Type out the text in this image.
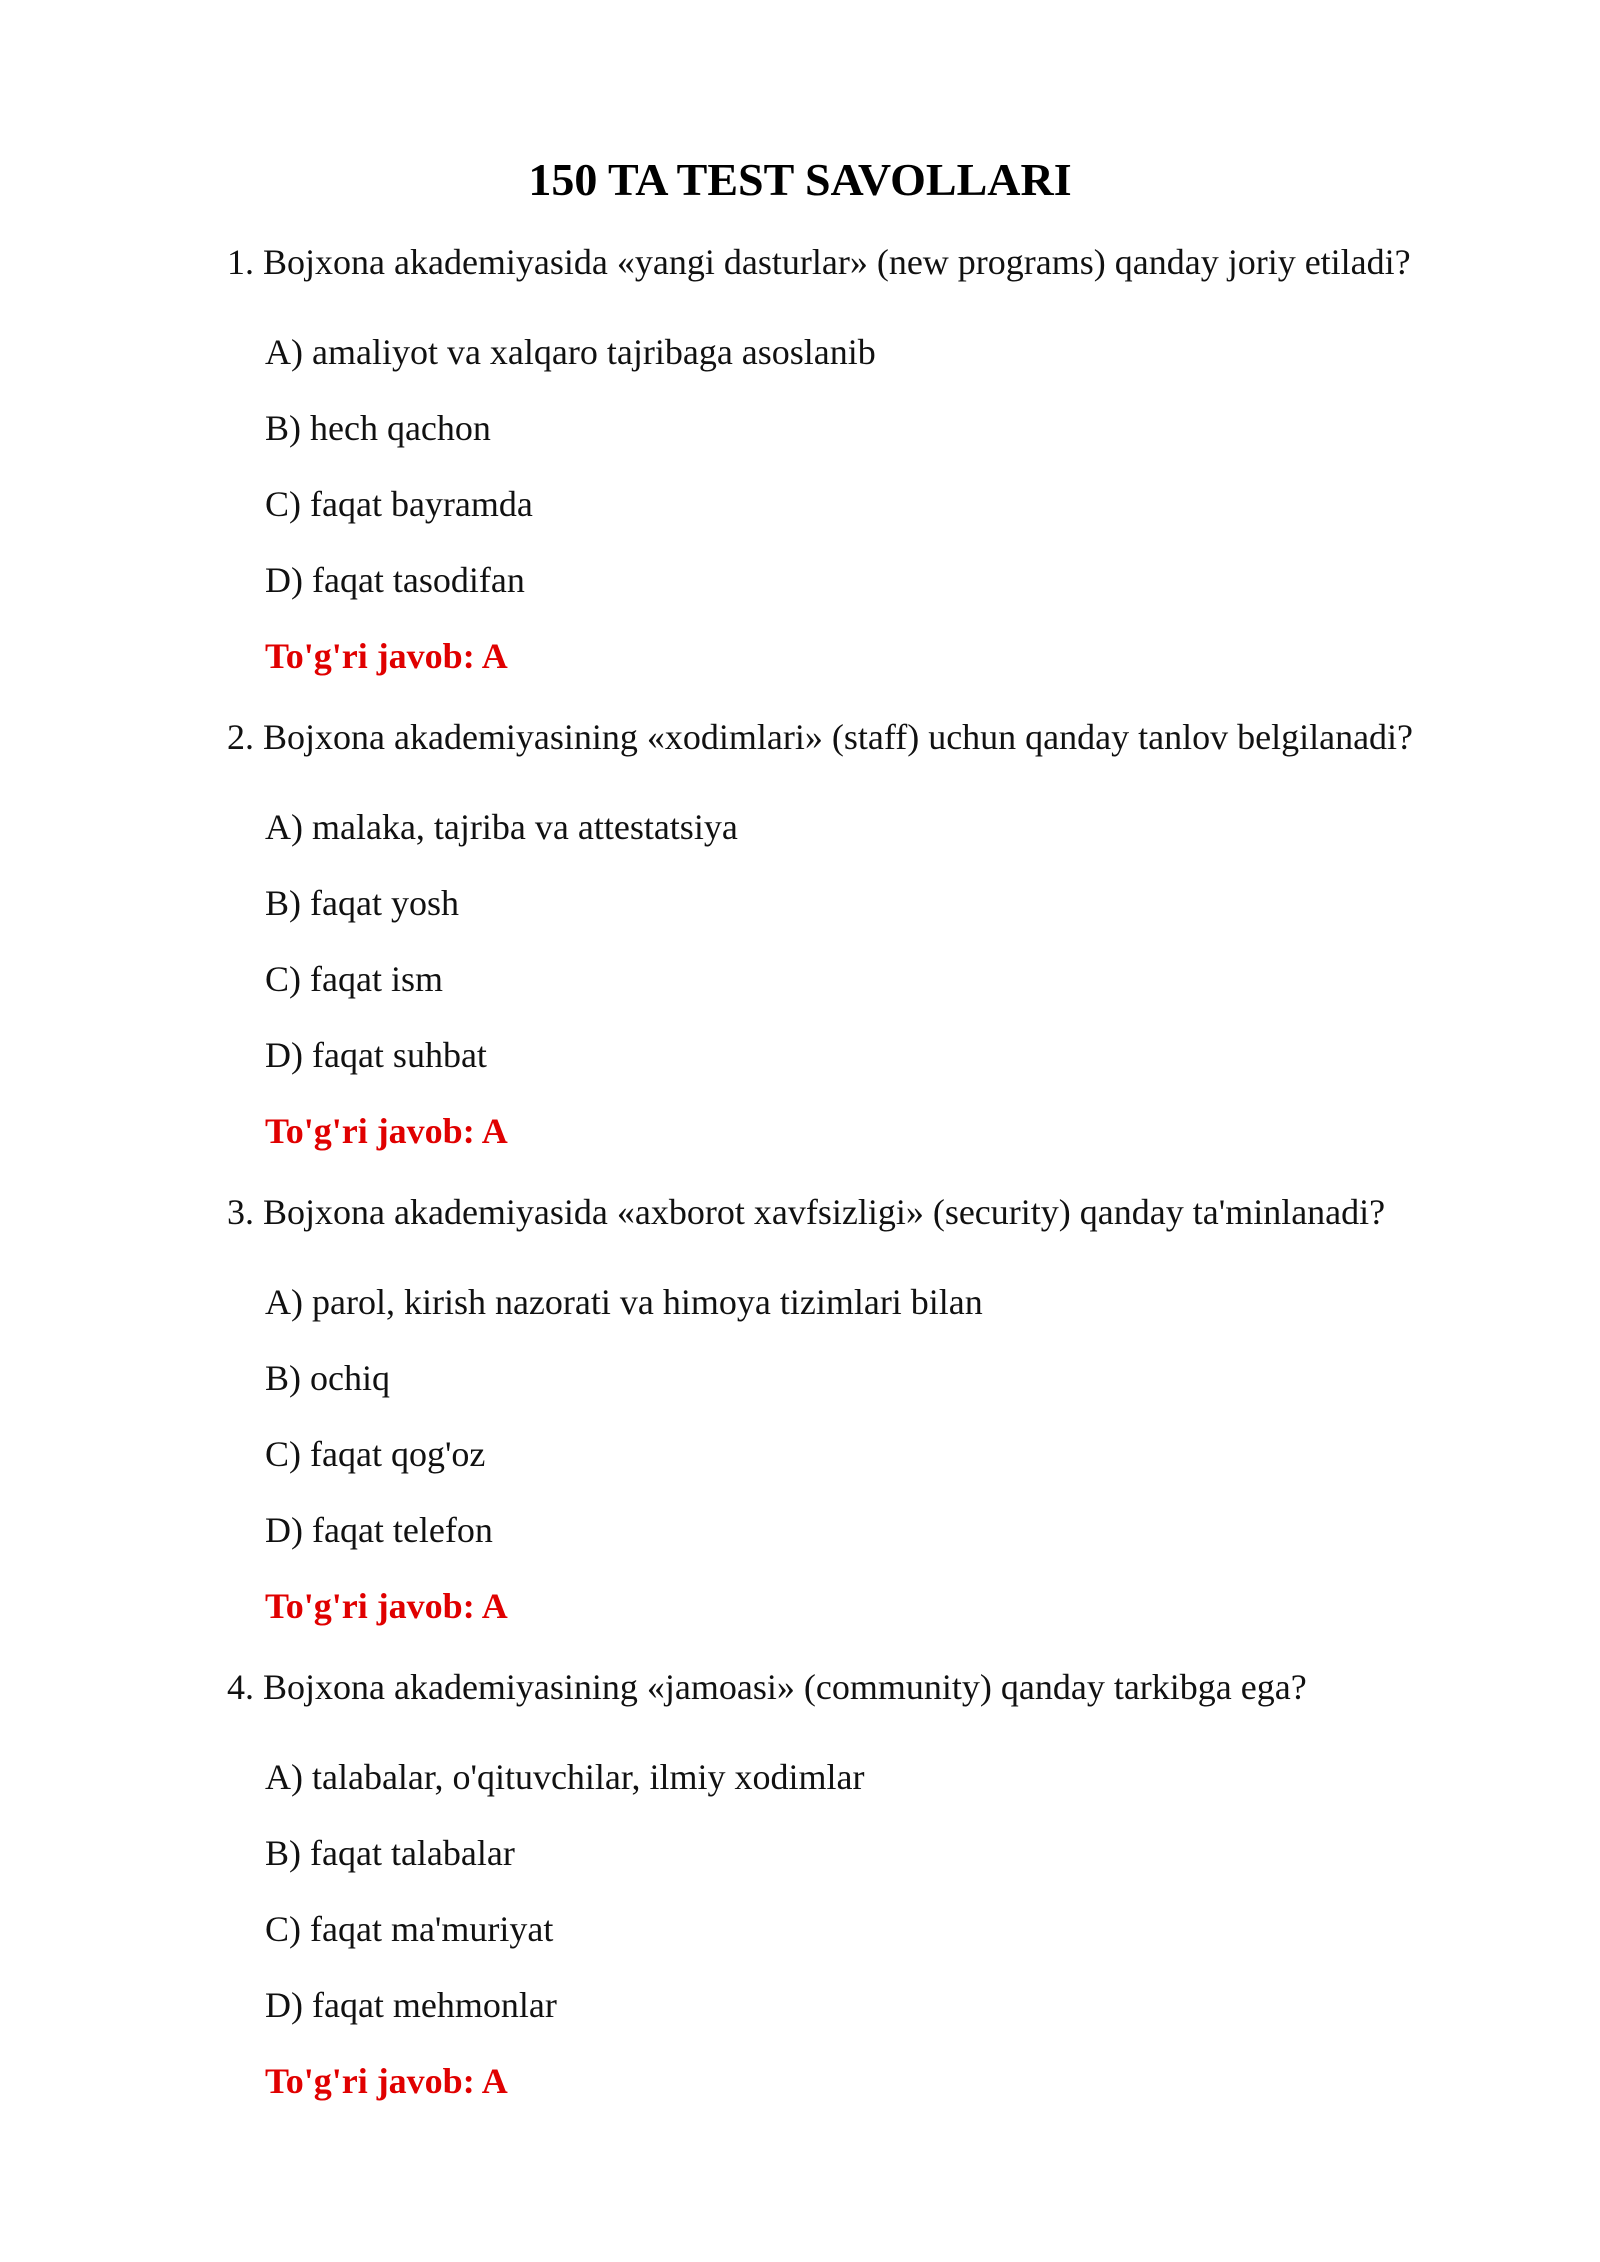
150 TA TEST SAVOLLARI

1. Bojxona akademiyasida «yangi dasturlar» (new programs) qanday joriy etiladi?

A) amaliyot va xalqaro tajribaga asoslanib

B) hech qachon

C) faqat bayramda

D) faqat tasodifan

To'g'ri javob: A

2. Bojxona akademiyasining «xodimlari» (staff) uchun qanday tanlov belgilanadi?

A) malaka, tajriba va attestatsiya

B) faqat yosh

C) faqat ism

D) faqat suhbat

To'g'ri javob: A

3. Bojxona akademiyasida «axborot xavfsizligi» (security) qanday ta'minlanadi?

A) parol, kirish nazorati va himoya tizimlari bilan

B) ochiq

C) faqat qog'oz

D) faqat telefon

To'g'ri javob: A

4. Bojxona akademiyasining «jamoasi» (community) qanday tarkibga ega?

A) talabalar, o'qituvchilar, ilmiy xodimlar

B) faqat talabalar

C) faqat ma'muriyat

D) faqat mehmonlar

To'g'ri javob: A
